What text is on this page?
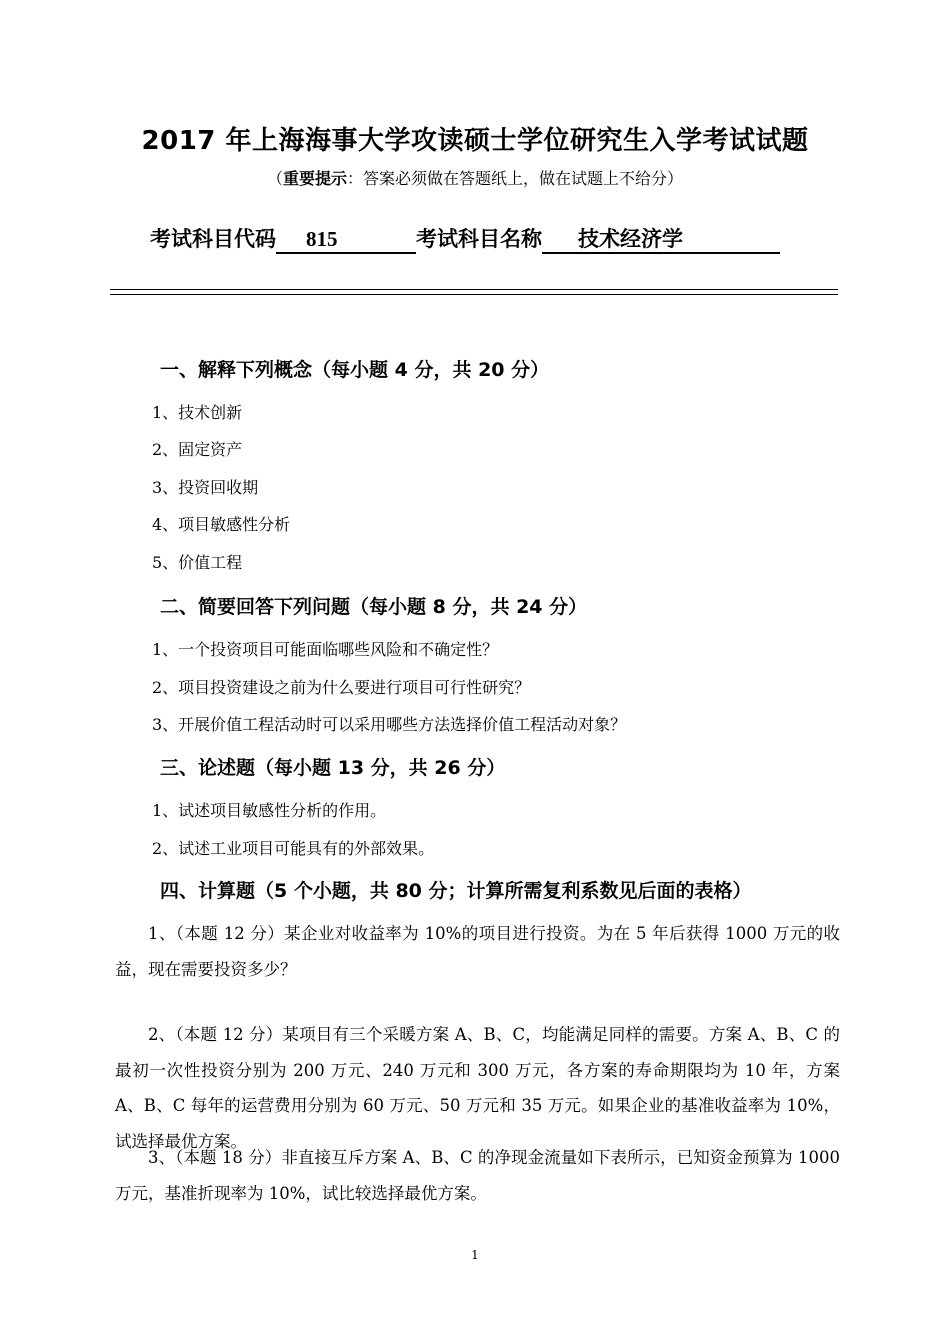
2017 年上海海事大学攻读硕士学位研究生入学考试试题
（重要提示：答案必须做在答题纸上，做在试题上不给分）
考试科目代码 815	考试科目名称 技术经济学
一、解释下列概念（每小题 4 分，共 20 分）
1、技术创新
2、固定资产
3、投资回收期
4、项目敏感性分析
5、价值工程
二、简要回答下列问题（每小题 8 分，共 24 分）
1、一个投资项目可能面临哪些风险和不确定性？
2、项目投资建设之前为什么要进行项目可行性研究？
3、开展价值工程活动时可以采用哪些方法选择价值工程活动对象？
三、论述题（每小题 13 分，共 26 分）
1、试述项目敏感性分析的作用。
2、试述工业项目可能具有的外部效果。
四、计算题（5 个小题，共 80 分；计算所需复利系数见后面的表格）
1、（本题 12 分）某企业对收益率为 10%的项目进行投资。为在 5 年后获得 1000 万元的收益，现在需要投资多少？
2、（本题 12 分）某项目有三个采暖方案 A、B、C，均能满足同样的需要。方案 A、B、C 的最初一次性投资分别为 200 万元、240 万元和 300 万元，各方案的寿命期限均为 10 年，方案 A、B、C 每年的运营费用分别为 60 万元、50 万元和 35 万元。如果企业的基准收益率为 10%，试选择最优方案。
3、（本题 18 分）非直接互斥方案 A、B、C 的净现金流量如下表所示，已知资金预算为 1000 万元，基准折现率为 10%，试比较选择最优方案。
1
